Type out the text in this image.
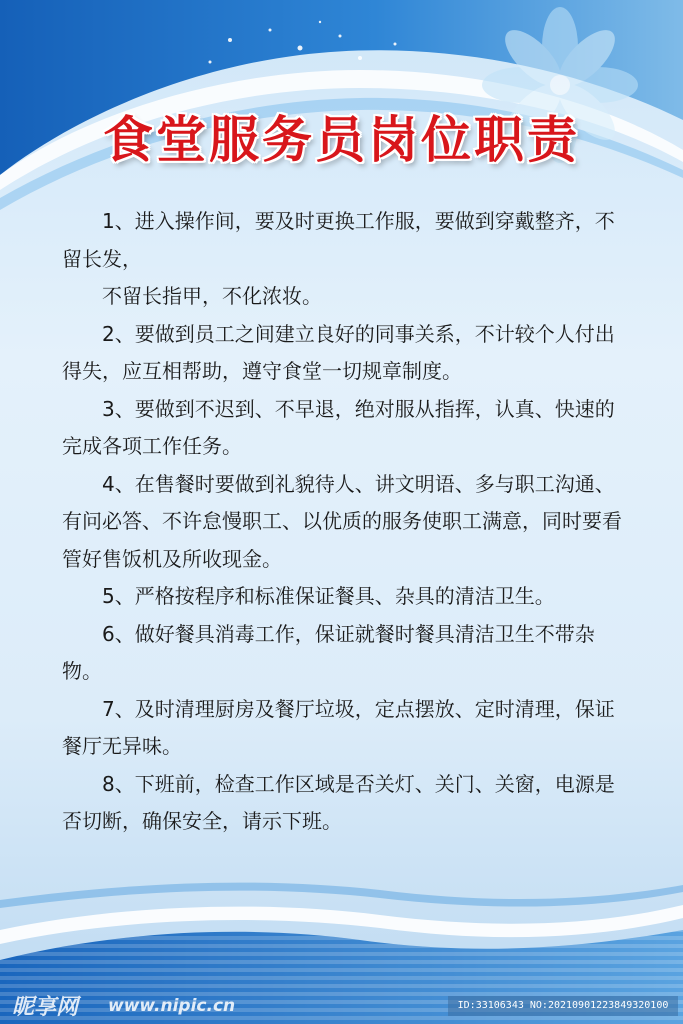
食堂服务员岗位职责

1、进入操作间，要及时更换工作服，要做到穿戴整齐，不留长发，

不留长指甲，不化浓妆。

2、要做到员工之间建立良好的同事关系，不计较个人付出得失，应互相帮助，遵守食堂一切规章制度。

3、要做到不迟到、不早退，绝对服从指挥，认真、快速的完成各项工作任务。

4、在售餐时要做到礼貌待人、讲文明语、多与职工沟通、有问必答、不许怠慢职工、以优质的服务使职工满意，同时要看管好售饭机及所收现金。

5、严格按程序和标准保证餐具、杂具的清洁卫生。

6、做好餐具消毒工作，保证就餐时餐具清洁卫生不带杂物。

7、及时清理厨房及餐厅垃圾，定点摆放、定时清理，保证餐厅无异味。

8、下班前，检查工作区域是否关灯、关门、关窗，电源是否切断，确保安全，请示下班。

昵享网 www.nipic.cn	ID:33106343 NO:20210901223849320100
